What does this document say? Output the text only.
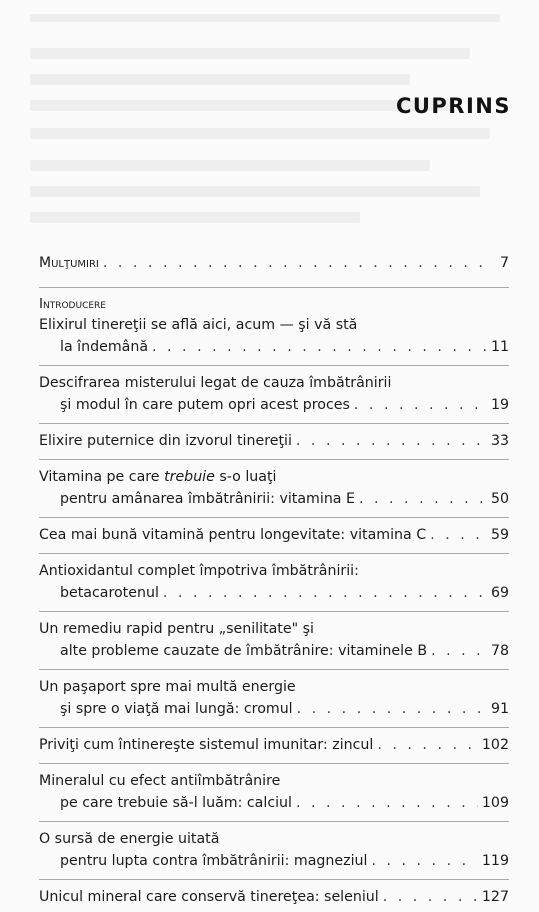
CUPRINS
Mulţumiri . . .	7
Introducere
Elixirul tinereţii se află aici, acum — şi vă stă
la îndemână . . .	11
Descifrarea misterului legat de cauza îmbătrânirii
şi modul în care putem opri acest proces . . .	19
Elixire puternice din izvorul tinereţii . . .	33
Vitamina pe care trebuie s-o luaţi
pentru amânarea îmbătrânirii: vitamina E . . .	50
Cea mai bună vitamină pentru longevitate: vitamina C . . .	59
Antioxidantul complet împotriva îmbătrânirii:
betacarotenul . . .	69
Un remediu rapid pentru „senilitate" şi
alte probleme cauzate de îmbătrânire: vitaminele B . . .	78
Un paşaport spre mai multă energie
şi spre o viaţă mai lungă: cromul . . .	91
Priviţi cum întinereşte sistemul imunitar: zincul . . .	102
Mineralul cu efect antiîmbătrânire
pe care trebuie să-l luăm: calciul . . .	109
O sursă de energie uitată
pentru lupta contra îmbătrânirii: magneziul . . .	119
Unicul mineral care conservă tinereţea: seleniul . . .	127
